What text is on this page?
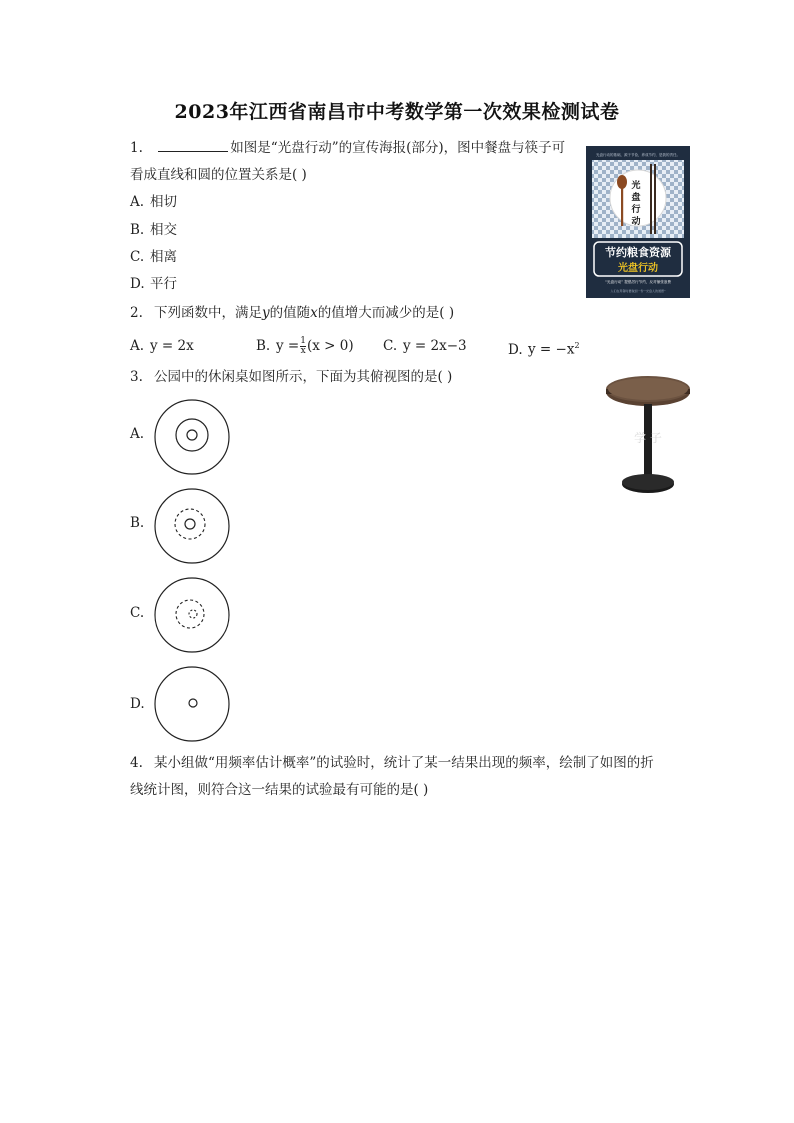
2023年江西省南昌市中考数学第一次效果检测试卷
1.	如图是“光盘行动”的宣传海报(部分)，图中餐盘与筷子可
看成直线和圆的位置关系是( )
A. 相切
B. 相交
C. 相离
D. 平行
光盘行动的基础，源于节俭，养成节约，是我的责任。
光
盘
行
动
节约粮食资源
光盘行动
“光盘行动” 提倡厉行节约，反对铺张浪费
人们在用餐时要做到一份 “光盘人的道德”
2. 下列函数中，满足y的值随x的值增大而减少的是( )
A. y = 2x	B. $y = \frac{1}{x} (x > 0)$ C. y = 2x−3	D. $y = -x^2$
3. 公园中的休闲桌如图所示，下面为其俯视图的是( )
学 子
A.
B.
C.
D.
4. 某小组做“用频率估计概率”的试验时，统计了某一结果出现的频率，绘制了如图的折
线统计图，则符合这一结果的试验最有可能的是( )
